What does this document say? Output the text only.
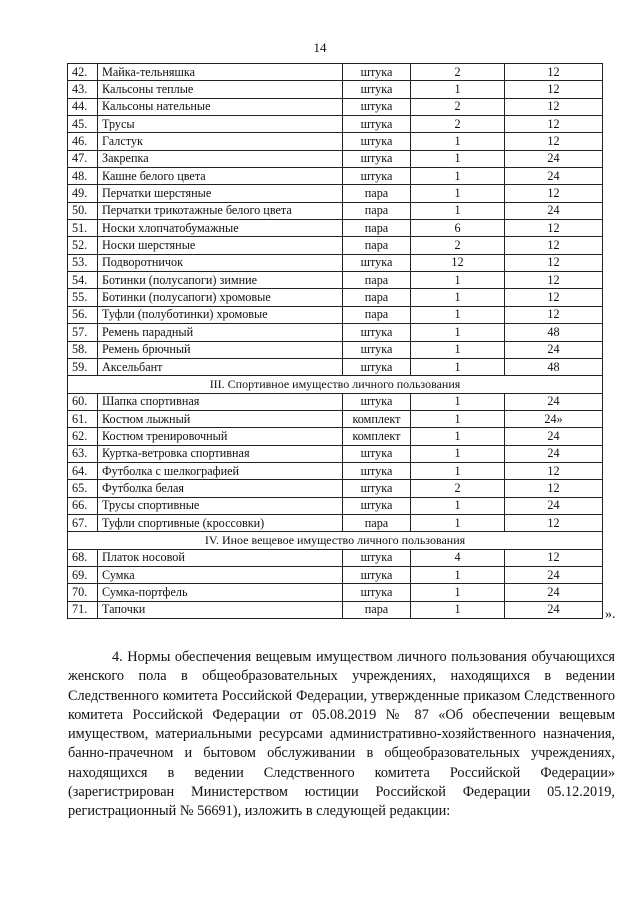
14
42.	Майка-тельняшка	штука	2	12
43.	Кальсоны теплые	штука	1	12
44.	Кальсоны нательные	штука	2	12
45.	Трусы	штука	2	12
46.	Галстук	штука	1	12
47.	Закрепка	штука	1	24
48.	Кашне белого цвета	штука	1	24
49.	Перчатки шерстяные	пара	1	12
50.	Перчатки трикотажные белого цвета	пара	1	24
51.	Носки хлопчатобумажные	пара	6	12
52.	Носки шерстяные	пара	2	12
53.	Подворотничок	штука	12	12
54.	Ботинки (полусапоги) зимние	пара	1	12
55.	Ботинки (полусапоги) хромовые	пара	1	12
56.	Туфли (полуботинки) хромовые	пара	1	12
57.	Ремень парадный	штука	1	48
58.	Ремень брючный	штука	1	24
59.	Аксельбант	штука	1	48
III. Спортивное имущество личного пользования				
60.	Шапка спортивная	штука	1	24
61.	Костюм лыжный	комплект	1	24»
62.	Костюм тренировочный	комплект	1	24
63.	Куртка-ветровка спортивная	штука	1	24
64.	Футболка с шелкографией	штука	1	12
65.	Футболка белая	штука	2	12
66.	Трусы спортивные	штука	1	24
67.	Туфли спортивные (кроссовки)	пара	1	12
IV. Иное вещевое имущество личного пользования				
68.	Платок носовой	штука	4	12
69.	Сумка	штука	1	24
70.	Сумка-портфель	штука	1	24
71.	Тапочки	пара	1	24	».
4. Нормы обеспечения вещевым имуществом личного пользования обучающихся женского пола в общеобразовательных учреждениях, находящихся в ведении Следственного комитета Российской Федерации, утвержденные приказом Следственного комитета Российской Федерации от 05.08.2019 № 87 «Об обеспечении вещевым имуществом, материальными ресурсами административно-хозяйственного назначения, банно-прачечном и бытовом обслуживании в общеобразовательных учреждениях, находящихся в ведении Следственного комитета Российской Федерации» (зарегистрирован Министерством юстиции Российской Федерации 05.12.2019, регистрационный № 56691), изложить в следующей редакции:
